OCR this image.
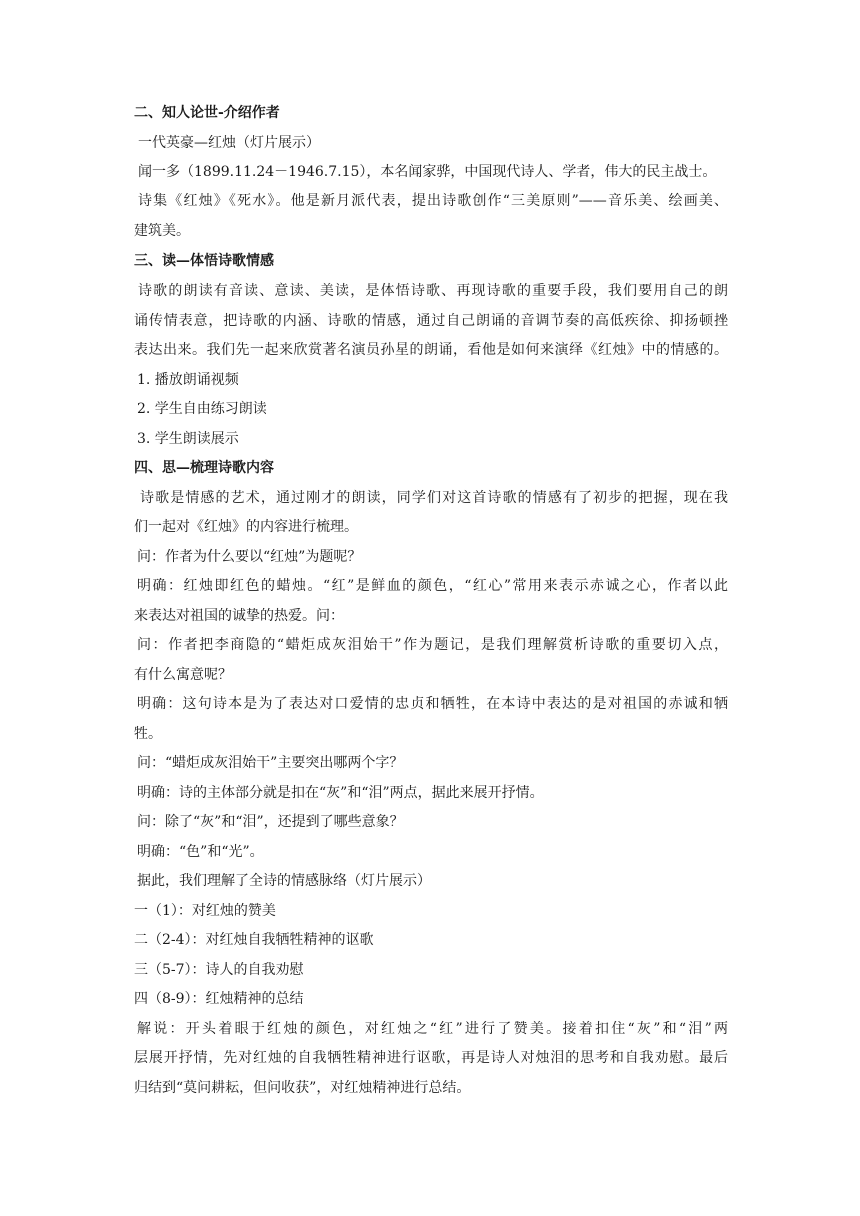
二、知人论世-介绍作者
一代英豪—红烛（灯片展示）
闻一多（1899.11.24－1946.7.15），本名闻家骅，中国现代诗人、学者，伟大的民主战士。
诗集《红烛》《死水》。他是新月派代表，提出诗歌创作“三美原则”——音乐美、绘画美、
建筑美。
三、读—体悟诗歌情感
诗歌的朗读有音读、意读、美读，是体悟诗歌、再现诗歌的重要手段，我们要用自己的朗
诵传情表意，把诗歌的内涵、诗歌的情感，通过自己朗诵的音调节奏的高低疾徐、抑扬顿挫
表达出来。我们先一起来欣赏著名演员孙星的朗诵，看他是如何来演绎《红烛》中的情感的。
1. 播放朗诵视频
2. 学生自由练习朗读
3. 学生朗读展示
四、思—梳理诗歌内容
诗歌是情感的艺术，通过刚才的朗读，同学们对这首诗歌的情感有了初步的把握，现在我
们一起对《红烛》的内容进行梳理。
问：作者为什么要以“红烛”为题呢？
明确：红烛即红色的蜡烛。“红”是鲜血的颜色，“红心”常用来表示赤诚之心，作者以此
来表达对祖国的诚挚的热爱。问：
问：作者把李商隐的“蜡炬成灰泪始干”作为题记，是我们理解赏析诗歌的重要切入点，
有什么寓意呢？
明确：这句诗本是为了表达对口爱情的忠贞和牺牲，在本诗中表达的是对祖国的赤诚和牺
牲。
问：“蜡炬成灰泪始干”主要突出哪两个字？
明确：诗的主体部分就是扣在“灰”和“泪”两点，据此来展开抒情。
问：除了“灰”和“泪”，还提到了哪些意象？
明确：“色”和“光”。
据此，我们理解了全诗的情感脉络（灯片展示）
一（1）：对红烛的赞美
二（2-4）：对红烛自我牺牲精神的讴歌
三（5-7）：诗人的自我劝慰
四（8-9）：红烛精神的总结
解说：开头着眼于红烛的颜色，对红烛之“红”进行了赞美。接着扣住“灰”和“泪”两
层展开抒情，先对红烛的自我牺牲精神进行讴歌，再是诗人对烛泪的思考和自我劝慰。最后
归结到“莫问耕耘，但问收获”，对红烛精神进行总结。
